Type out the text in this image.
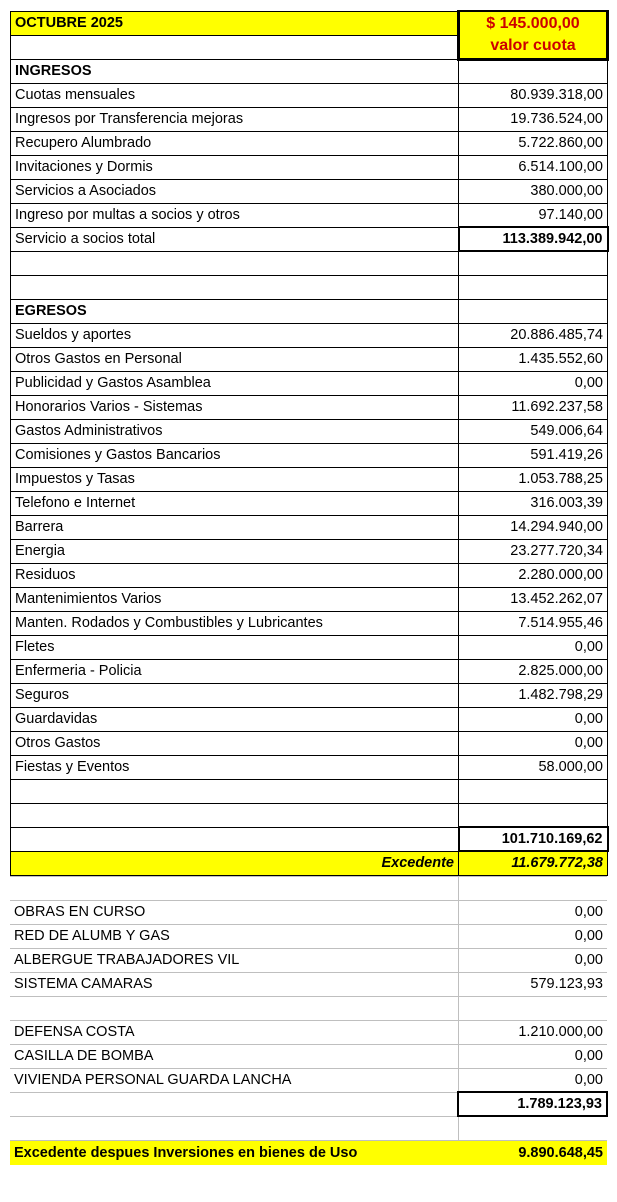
OCTUBRE 2025	$ 145.000,00
	valor cuota
INGRESOS	
Cuotas mensuales	80.939.318,00
Ingresos por Transferencia mejoras	19.736.524,00
Recupero Alumbrado	5.722.860,00
Invitaciones y Dormis	6.514.100,00
Servicios a Asociados	380.000,00
Ingreso por multas a socios y otros	97.140,00
Servicio a socios total	113.389.942,00

EGRESOS	
Sueldos y aportes	20.886.485,74
Otros Gastos en Personal	1.435.552,60
Publicidad y Gastos Asamblea	0,00
Honorarios Varios - Sistemas	11.692.237,58
Gastos Administrativos	549.006,64
Comisiones y Gastos Bancarios	591.419,26
Impuestos y Tasas	1.053.788,25
Telefono e Internet	316.003,39
Barrera	14.294.940,00
Energia	23.277.720,34
Residuos	2.280.000,00
Mantenimientos Varios	13.452.262,07
Manten. Rodados y Combustibles y Lubricantes	7.514.955,46
Fletes	0,00
Enfermeria - Policia	2.825.000,00
Seguros	1.482.798,29
Guardavidas	0,00
Otros Gastos	0,00
Fiestas y Eventos	58.000,00

	101.710.169,62
Excedente	11.679.772,38

OBRAS EN CURSO	0,00
RED DE ALUMB Y GAS	0,00
ALBERGUE TRABAJADORES VIL	0,00
SISTEMA CAMARAS	579.123,93

DEFENSA COSTA	1.210.000,00
CASILLA DE BOMBA	0,00
VIVIENDA PERSONAL GUARDA LANCHA	0,00
	1.789.123,93

Excedente despues Inversiones en bienes de Uso	9.890.648,45
